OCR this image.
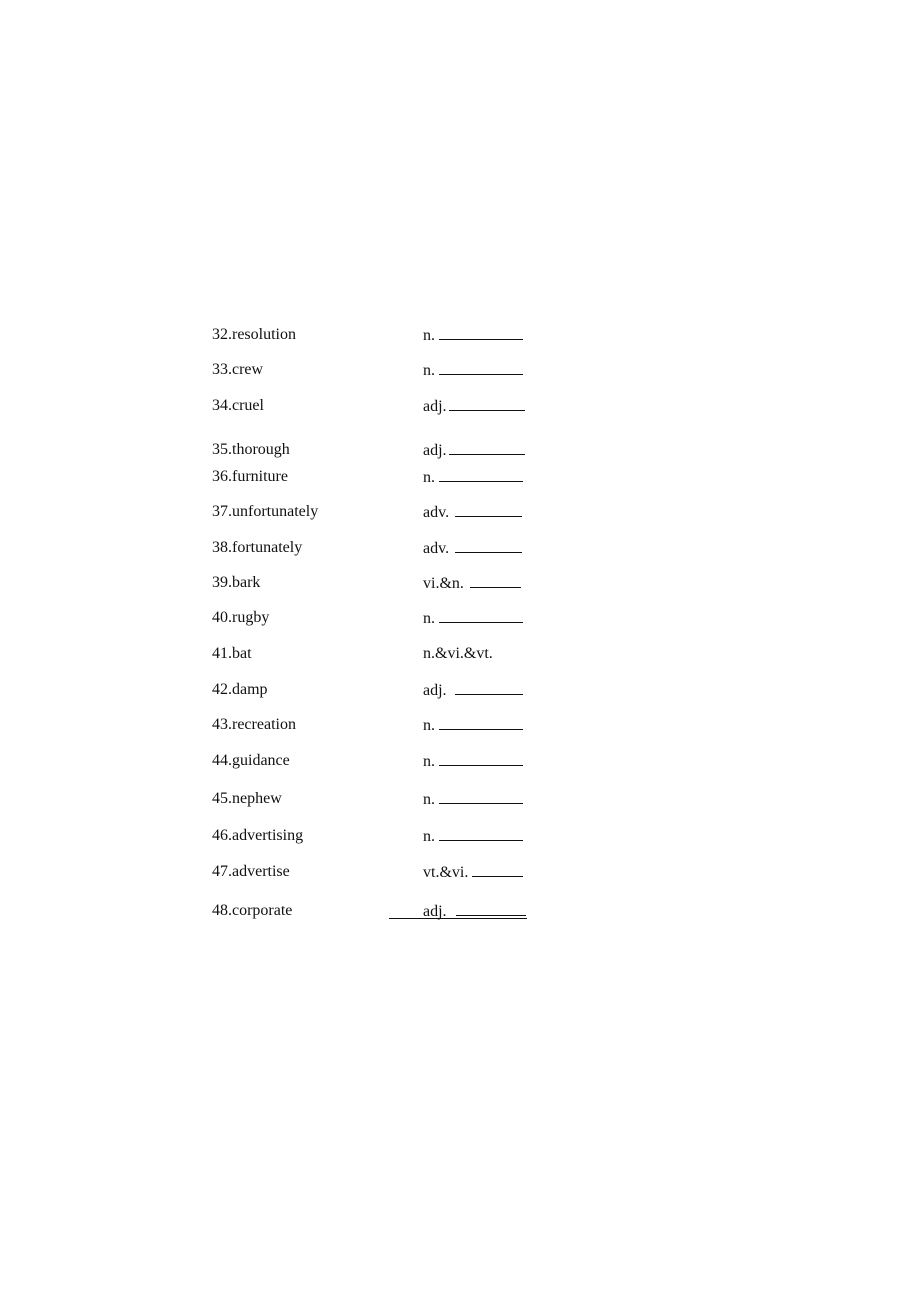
32.resolution	n.
33.crew	n.
34.cruel	adj.
35.thorough	adj.
36.furniture	n.
37.unfortunately	adv.
38.fortunately	adv.
39.bark	vi.&n.
40.rugby	n.
41.bat	n.&vi.&vt.
42.damp	adj.
43.recreation	n.
44.guidance	n.
45.nephew	n.
46.advertising	n.
47.advertise	vt.&vi.
48.corporate	adj.
